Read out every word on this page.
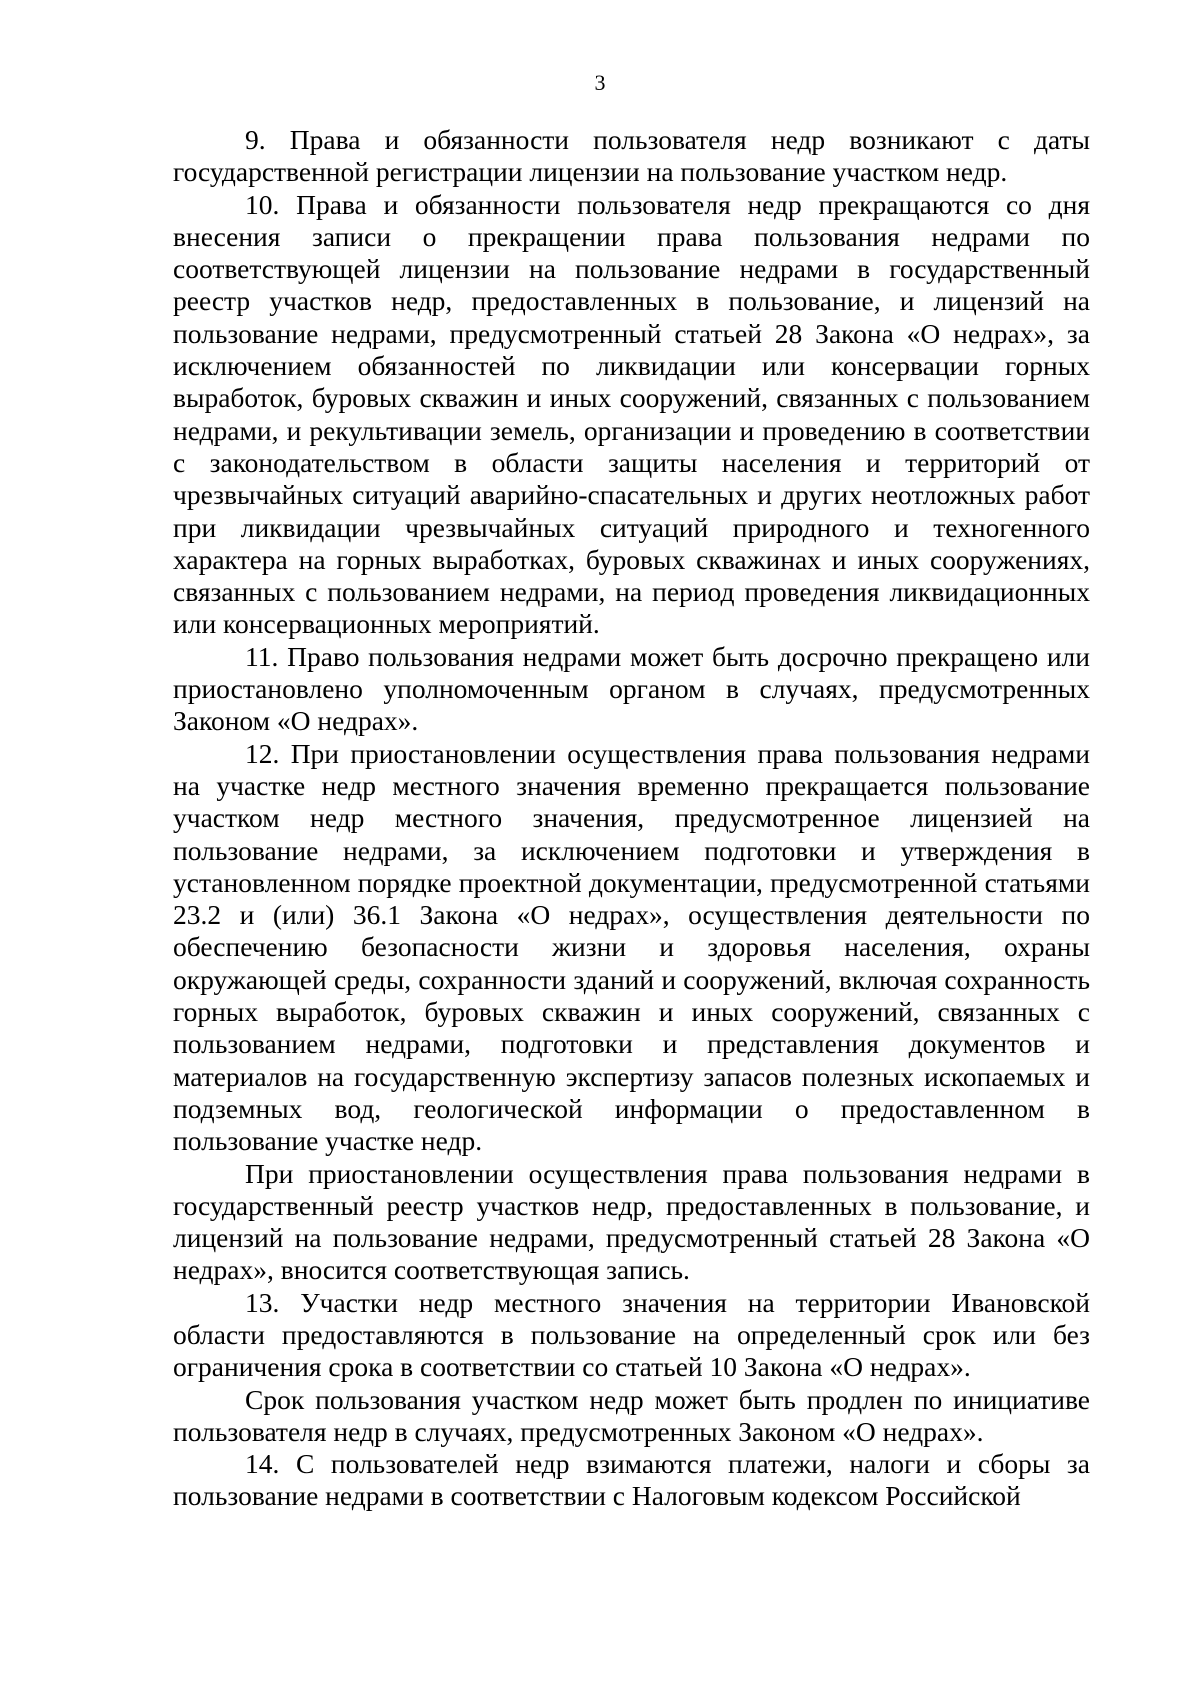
3

9. Права и обязанности пользователя недр возникают с даты государственной регистрации лицензии на пользование участком недр.

10. Права и обязанности пользователя недр прекращаются со дня внесения записи о прекращении права пользования недрами по соответствующей лицензии на пользование недрами в государственный реестр участков недр, предоставленных в пользование, и лицензий на пользование недрами, предусмотренный статьей 28 Закона «О недрах», за исключением обязанностей по ликвидации или консервации горных выработок, буровых скважин и иных сооружений, связанных с пользованием недрами, и рекультивации земель, организации и проведению в соответствии с законодательством в области защиты населения и территорий от чрезвычайных ситуаций аварийно-спасательных и других неотложных работ при ликвидации чрезвычайных ситуаций природного и техногенного характера на горных выработках, буровых скважинах и иных сооружениях, связанных с пользованием недрами, на период проведения ликвидационных или консервационных мероприятий.

11. Право пользования недрами может быть досрочно прекращено или приостановлено уполномоченным органом в случаях, предусмотренных Законом «О недрах».

12. При приостановлении осуществления права пользования недрами на участке недр местного значения временно прекращается пользование участком недр местного значения, предусмотренное лицензией на пользование недрами, за исключением подготовки и утверждения в установленном порядке проектной документации, предусмотренной статьями 23.2 и (или) 36.1 Закона «О недрах», осуществления деятельности по обеспечению безопасности жизни и здоровья населения, охраны окружающей среды, сохранности зданий и сооружений, включая сохранность горных выработок, буровых скважин и иных сооружений, связанных с пользованием недрами, подготовки и представления документов и материалов на государственную экспертизу запасов полезных ископаемых и подземных вод, геологической информации о предоставленном в пользование участке недр.

При приостановлении осуществления права пользования недрами в государственный реестр участков недр, предоставленных в пользование, и лицензий на пользование недрами, предусмотренный статьей 28 Закона «О недрах», вносится соответствующая запись.

13. Участки недр местного значения на территории Ивановской области предоставляются в пользование на определенный срок или без ограничения срока в соответствии со статьей 10 Закона «О недрах».

Срок пользования участком недр может быть продлен по инициативе пользователя недр в случаях, предусмотренных Законом «О недрах».

14. С пользователей недр взимаются платежи, налоги и сборы за пользование недрами в соответствии с Налоговым кодексом Российской
